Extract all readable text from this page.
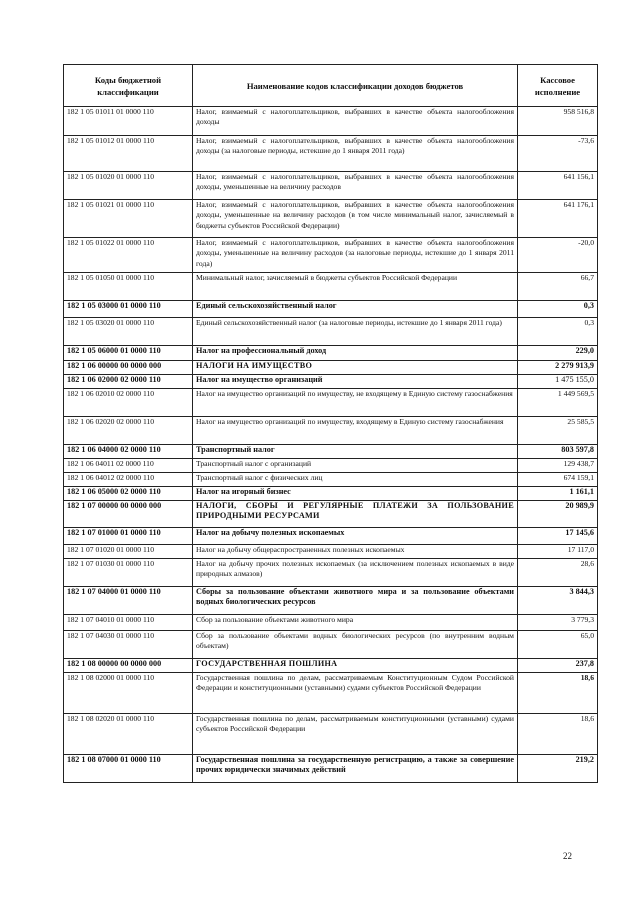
Коды бюджетной классификации	Наименование кодов классификации доходов бюджетов	Кассовое исполнение
182 1 05 01011 01 0000 110	Налог, взимаемый с налогоплательщиков, выбравших в качестве объекта налогообложения доходы	958 516,8
182 1 05 01012 01 0000 110	Налог, взимаемый с налогоплательщиков, выбравших в качестве объекта налогообложения доходы (за налоговые периоды, истекшие до 1 января 2011 года)	-73,6
182 1 05 01020 01 0000 110	Налог, взимаемый с налогоплательщиков, выбравших в качестве объекта налогообложения доходы, уменьшенные на величину расходов	641 156,1
182 1 05 01021 01 0000 110	Налог, взимаемый с налогоплательщиков, выбравших в качестве объекта налогообложения доходы, уменьшенные на величину расходов (в том числе минимальный налог, зачисляемый в бюджеты субъектов Российской Федерации)	641 176,1
182 1 05 01022 01 0000 110	Налог, взимаемый с налогоплательщиков, выбравших в качестве объекта налогообложения доходы, уменьшенные на величину расходов (за налоговые периоды, истекшие до 1 января 2011 года)	-20,0
182 1 05 01050 01 0000 110	Минимальный налог, зачисляемый в бюджеты субъектов Российской Федерации	66,7
182 1 05 03000 01 0000 110	Единый сельскохозяйственный налог	0,3
182 1 05 03020 01 0000 110	Единый сельскохозяйственный налог (за налоговые периоды, истекшие до 1 января 2011 года)	0,3
182 1 05 06000 01 0000 110	Налог на профессиональный доход	229,0
182 1 06 00000 00 0000 000	НАЛОГИ НА ИМУЩЕСТВО	2 279 913,9
182 1 06 02000 02 0000 110	Налог на имущество организаций	1 475 155,0
182 1 06 02010 02 0000 110	Налог на имущество организаций по имуществу, не входящему в Единую систему газоснабжения	1 449 569,5
182 1 06 02020 02 0000 110	Налог на имущество организаций по имуществу, входящему в Единую систему газоснабжения	25 585,5
182 1 06 04000 02 0000 110	Транспортный налог	803 597,8
182 1 06 04011 02 0000 110	Транспортный налог с организаций	129 438,7
182 1 06 04012 02 0000 110	Транспортный налог с физических лиц	674 159,1
182 1 06 05000 02 0000 110	Налог на игорный бизнес	1 161,1
182 1 07 00000 00 0000 000	НАЛОГИ, СБОРЫ И РЕГУЛЯРНЫЕ ПЛАТЕЖИ ЗА ПОЛЬЗОВАНИЕ ПРИРОДНЫМИ РЕСУРСАМИ	20 989,9
182 1 07 01000 01 0000 110	Налог на добычу полезных ископаемых	17 145,6
182 1 07 01020 01 0000 110	Налог на добычу общераспространенных полезных ископаемых	17 117,0
182 1 07 01030 01 0000 110	Налог на добычу прочих полезных ископаемых (за исключением полезных ископаемых в виде природных алмазов)	28,6
182 1 07 04000 01 0000 110	Сборы за пользование объектами животного мира и за пользование объектами водных биологических ресурсов	3 844,3
182 1 07 04010 01 0000 110	Сбор за пользование объектами животного мира	3 779,3
182 1 07 04030 01 0000 110	Сбор за пользование объектами водных биологических ресурсов (по внутренним водным объектам)	65,0
182 1 08 00000 00 0000 000	ГОСУДАРСТВЕННАЯ ПОШЛИНА	237,8
182 1 08 02000 01 0000 110	Государственная пошлина по делам, рассматриваемым Конституционным Судом Российской Федерации и конституционными (уставными) судами субъектов Российской Федерации	18,6
182 1 08 02020 01 0000 110	Государственная пошлина по делам, рассматриваемым конституционными (уставными) судами субъектов Российской Федерации	18,6
182 1 08 07000 01 0000 110	Государственная пошлина за государственную регистрацию, а также за совершение прочих юридически значимых действий	219,2
22
